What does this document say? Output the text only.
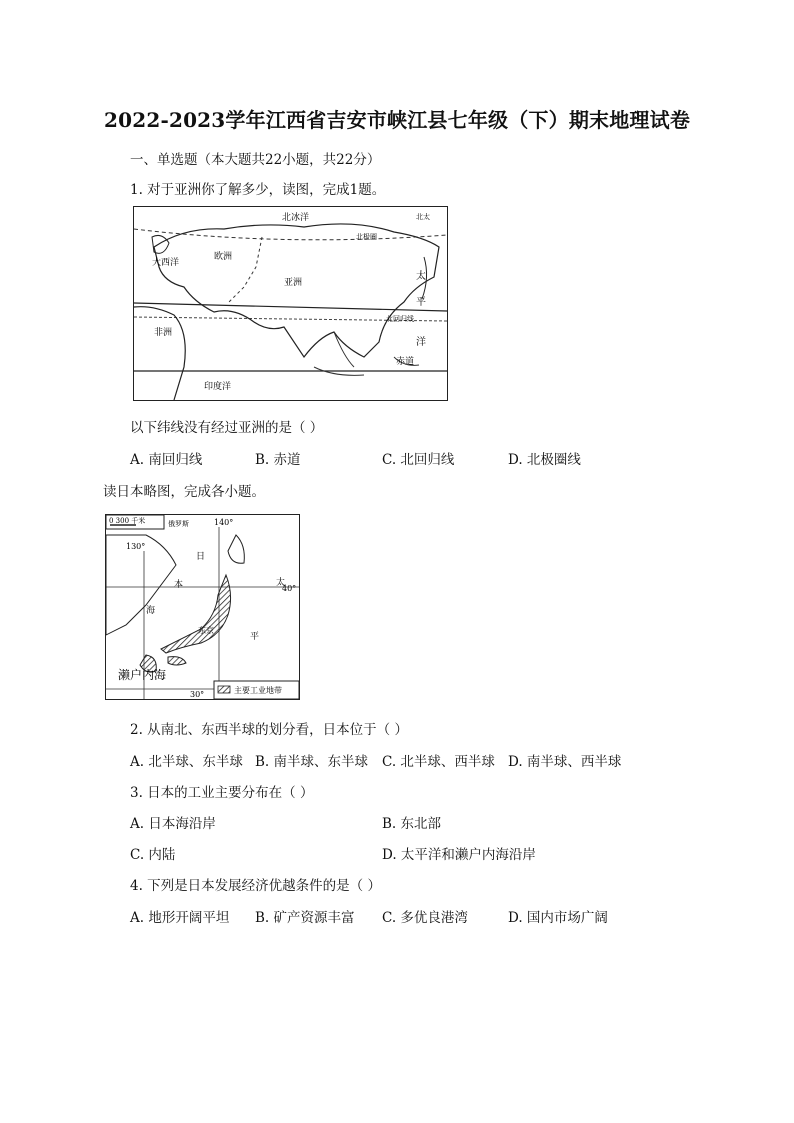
2022-2023学年江西省吉安市峡江县七年级（下）期末地理试卷
一、单选题（本大题共22小题，共22分）
1. 对于亚洲你了解多少，读图，完成1题。
北冰洋	北太
北极圈
大西洋
欧洲
亚洲
太
平
洋
北回归线
非洲
赤道
印度洋
以下纬线没有经过亚洲的是（ ）
A. 南回归线	B. 赤道	C. 北回归线	D. 北极圈线
读日本略图，完成各小题。
0 300 千米	俄罗斯	140°
130°
日
本
海
太
40°
平
东京
濑户内海
30°	主要工业地带
2. 从南北、东西半球的划分看，日本位于（ ）
A. 北半球、东半球 B. 南半球、东半球 C. 北半球、西半球 D. 南半球、西半球
3. 日本的工业主要分布在（ ）
A. 日本海沿岸	B. 东北部
C. 内陆	D. 太平洋和濑户内海沿岸
4. 下列是日本发展经济优越条件的是（ ）
A. 地形开阔平坦 B. 矿产资源丰富 C. 多优良港湾	D. 国内市场广阔
